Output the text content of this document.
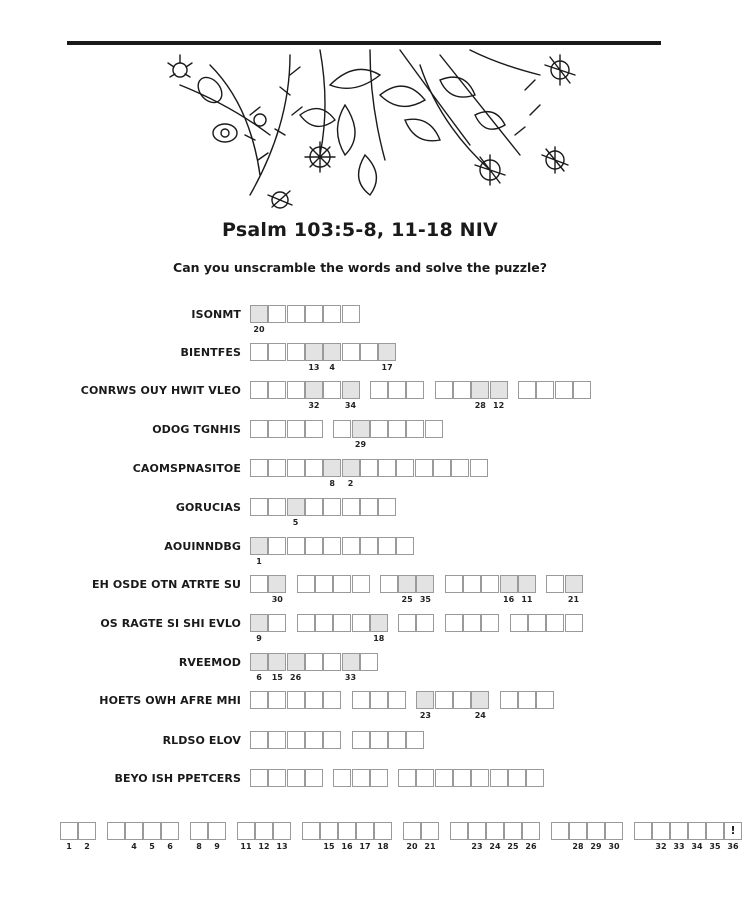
Psalm 103:5-8, 11-18 NIV
Can you unscramble the words and solve the puzzle?
ISONMT
20
BIENTFES
13	4	17
CONRWS OUY HWIT VLEO
32	34	28 12
ODOG TGNHIS
29
CAOMSPNASITOE
8	2
GORUCIAS
5
AOUINNDBG
1
EH OSDE OTN ATRTE SU
30	25 35	16 11	21
OS RAGTE SI SHI EVLO
9	18
RVEEMOD
6	15 26	33
HOETS OWH AFRE MHI
23	24
RLDSO ELOV
BEYO ISH PPETCERS
1	2	4	5	6	8	9	11 12 13	15 16 17 18	20 21	23 24 25 26	28 29 30	32 33 34 35
!
36
